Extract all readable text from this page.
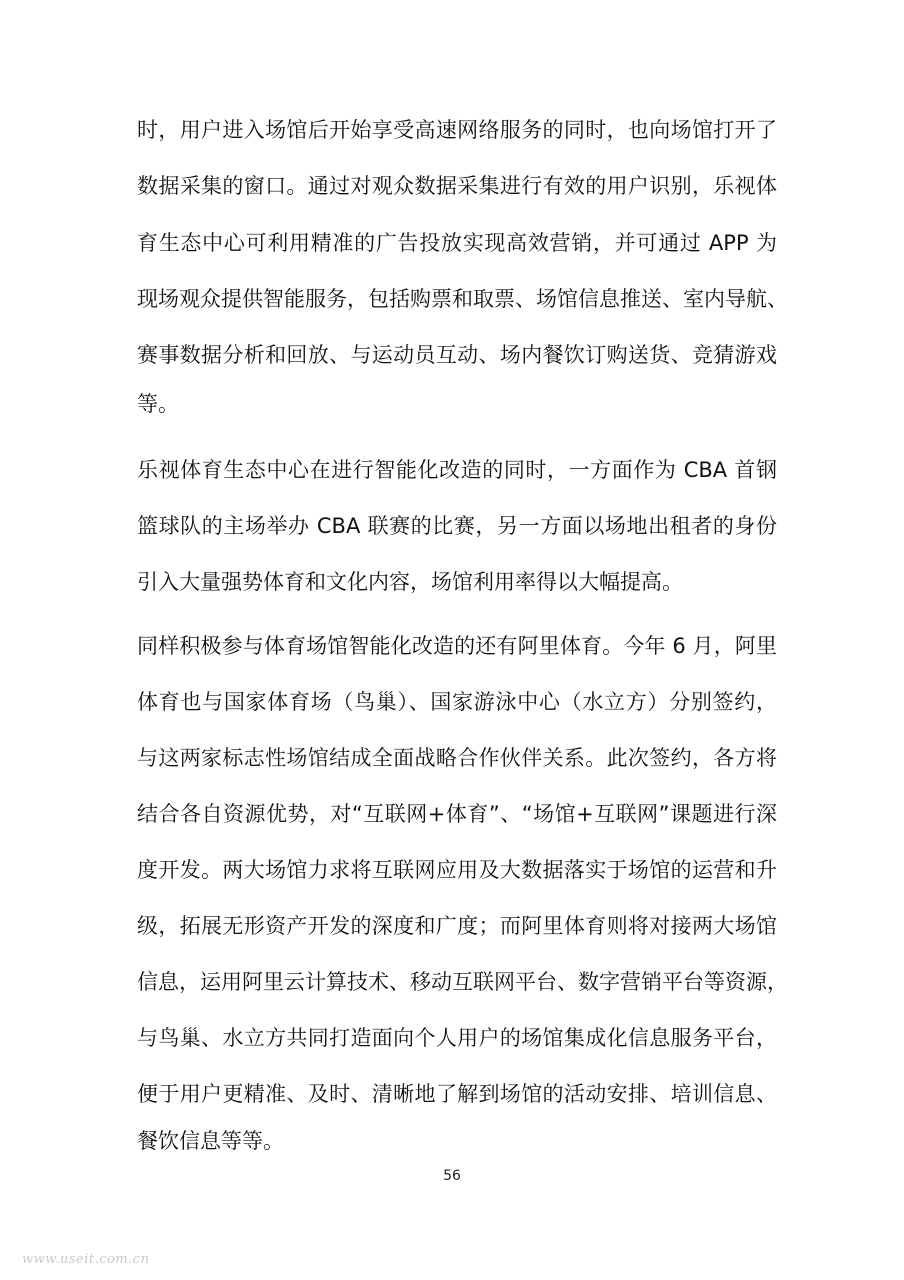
时，用户进入场馆后开始享受高速网络服务的同时，也向场馆打开了
数据采集的窗口。通过对观众数据采集进行有效的用户识别，乐视体
育生态中心可利用精准的广告投放实现高效营销，并可通过 APP 为
现场观众提供智能服务，包括购票和取票、场馆信息推送、室内导航、
赛事数据分析和回放、与运动员互动、场内餐饮订购送货、竞猜游戏
等。
乐视体育生态中心在进行智能化改造的同时，一方面作为 CBA 首钢
篮球队的主场举办 CBA 联赛的比赛，另一方面以场地出租者的身份
引入大量强势体育和文化内容，场馆利用率得以大幅提高。
同样积极参与体育场馆智能化改造的还有阿里体育。今年 6 月，阿里
体育也与国家体育场（鸟巢）、国家游泳中心（水立方）分别签约，
与这两家标志性场馆结成全面战略合作伙伴关系。此次签约，各方将
结合各自资源优势，对“互联网+体育”、“场馆+互联网”课题进行深
度开发。两大场馆力求将互联网应用及大数据落实于场馆的运营和升
级，拓展无形资产开发的深度和广度；而阿里体育则将对接两大场馆
信息，运用阿里云计算技术、移动互联网平台、数字营销平台等资源，
与鸟巢、水立方共同打造面向个人用户的场馆集成化信息服务平台，
便于用户更精准、及时、清晰地了解到场馆的活动安排、培训信息、
餐饮信息等等。
56
www.useit.com.cn
